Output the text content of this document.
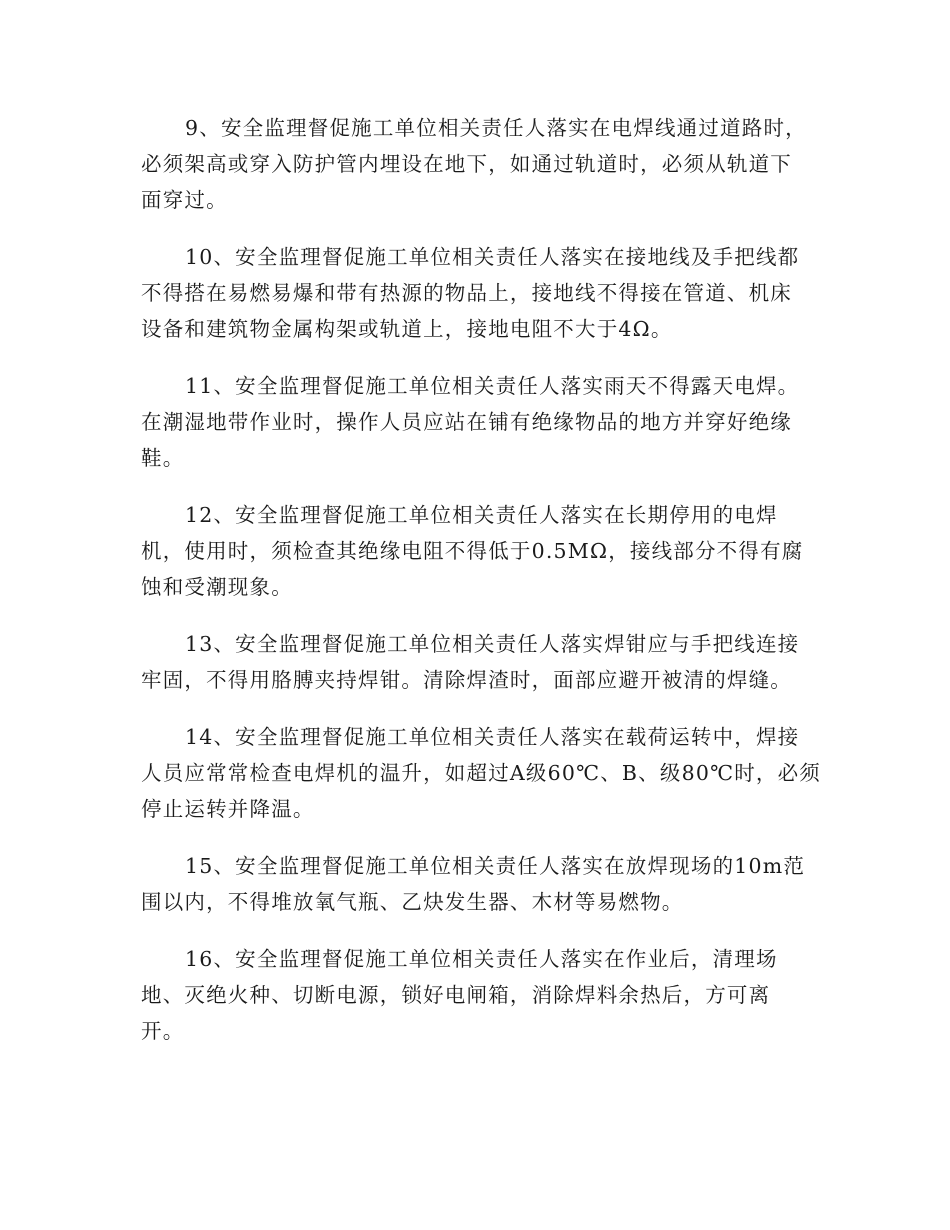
9、安全监理督促施工单位相关责任人落实在电焊线通过道路时，
必须架高或穿入防护管内埋设在地下，如通过轨道时，必须从轨道下
面穿过。
10、安全监理督促施工单位相关责任人落实在接地线及手把线都
不得搭在易燃易爆和带有热源的物品上，接地线不得接在管道、机床
设备和建筑物金属构架或轨道上，接地电阻不大于4Ω。
11、安全监理督促施工单位相关责任人落实雨天不得露天电焊。
在潮湿地带作业时，操作人员应站在铺有绝缘物品的地方并穿好绝缘
鞋。
12、安全监理督促施工单位相关责任人落实在长期停用的电焊
机，使用时，须检查其绝缘电阻不得低于0.5MΩ，接线部分不得有腐
蚀和受潮现象。
13、安全监理督促施工单位相关责任人落实焊钳应与手把线连接
牢固，不得用胳膊夹持焊钳。清除焊渣时，面部应避开被清的焊缝。
14、安全监理督促施工单位相关责任人落实在载荷运转中，焊接
人员应常常检查电焊机的温升，如超过A级60℃、B、级80℃时，必须
停止运转并降温。
15、安全监理督促施工单位相关责任人落实在放焊现场的10m范
围以内，不得堆放氧气瓶、乙炔发生器、木材等易燃物。
16、安全监理督促施工单位相关责任人落实在作业后，清理场
地、灭绝火种、切断电源，锁好电闸箱，消除焊料余热后，方可离
开。
